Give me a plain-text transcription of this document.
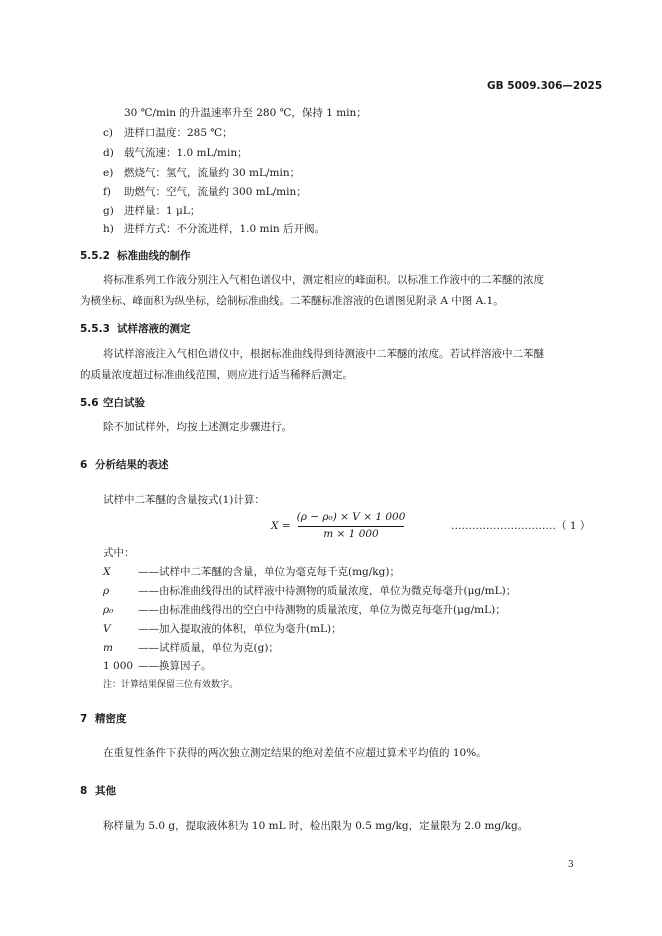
GB 5009.306—2025
30 ℃/min 的升温速率升至 280 ℃，保持 1 min；
c) 进样口温度：285 ℃；
d) 载气流速：1.0 mL/min；
e) 燃烧气：氢气，流量约 30 mL/min；
f) 助燃气：空气，流量约 300 mL/min；
g) 进样量：1 μL；
h) 进样方式：不分流进样，1.0 min 后开阀。
5.5.2 标准曲线的制作
将标准系列工作液分别注入气相色谱仪中，测定相应的峰面积。以标准工作液中的二苯醚的浓度
为横坐标、峰面积为纵坐标，绘制标准曲线。二苯醚标准溶液的色谱图见附录 A 中图 A.1。
5.5.3 试样溶液的测定
将试样溶液注入气相色谱仪中，根据标准曲线得到待测液中二苯醚的浓度。若试样溶液中二苯醚
的质量浓度超过标准曲线范围，则应进行适当稀释后测定。
5.6 空白试验
除不加试样外，均按上述测定步骤进行。
6 分析结果的表述
试样中二苯醚的含量按式(1)计算：
X =
(ρ − ρ₀) × V × 1 000
m × 1 000
…………………………（ 1 ）
式中：
X	——试样中二苯醚的含量，单位为毫克每千克(mg/kg)；
ρ	——由标准曲线得出的试样液中待测物的质量浓度，单位为微克每毫升(μg/mL)；
ρ₀ ——由标准曲线得出的空白中待测物的质量浓度，单位为微克每毫升(μg/mL)；
V	——加入提取液的体积，单位为毫升(mL)；
m ——试样质量，单位为克(g)；
1 000 ——换算因子。
注：计算结果保留三位有效数字。
7 精密度
在重复性条件下获得的两次独立测定结果的绝对差值不应超过算术平均值的 10%。
8 其他
称样量为 5.0 g，提取液体积为 10 mL 时，检出限为 0.5 mg/kg，定量限为 2.0 mg/kg。
3
